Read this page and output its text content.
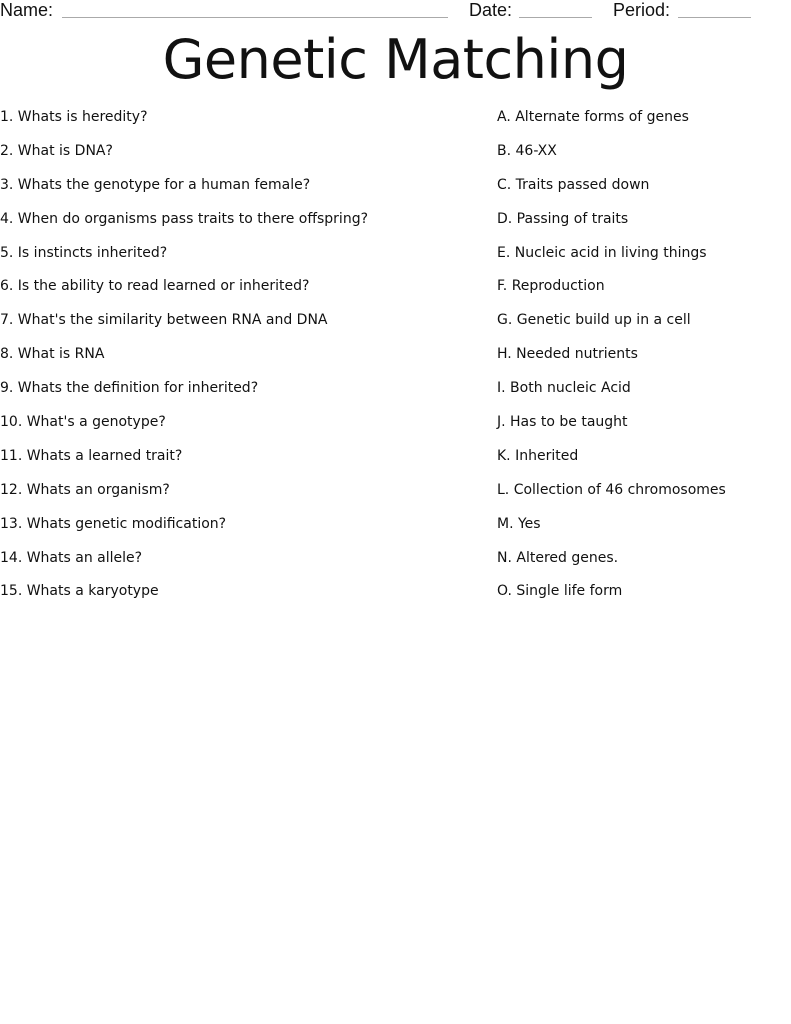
Name:	Date:	Period:
Genetic Matching
1. Whats is heredity?
2. What is DNA?
3. Whats the genotype for a human female?
4. When do organisms pass traits to there offspring?
5. Is instincts inherited?
6. Is the ability to read learned or inherited?
7. What's the similarity between RNA and DNA
8. What is RNA
9. Whats the definition for inherited?
10. What's a genotype?
11. Whats a learned trait?
12. Whats an organism?
13. Whats genetic modification?
14. Whats an allele?
15. Whats a karyotype
A. Alternate forms of genes
B. 46-XX
C. Traits passed down
D. Passing of traits
E. Nucleic acid in living things
F. Reproduction
G. Genetic build up in a cell
H. Needed nutrients
I. Both nucleic Acid
J. Has to be taught
K. Inherited
L. Collection of 46 chromosomes
M. Yes
N. Altered genes.
O. Single life form
